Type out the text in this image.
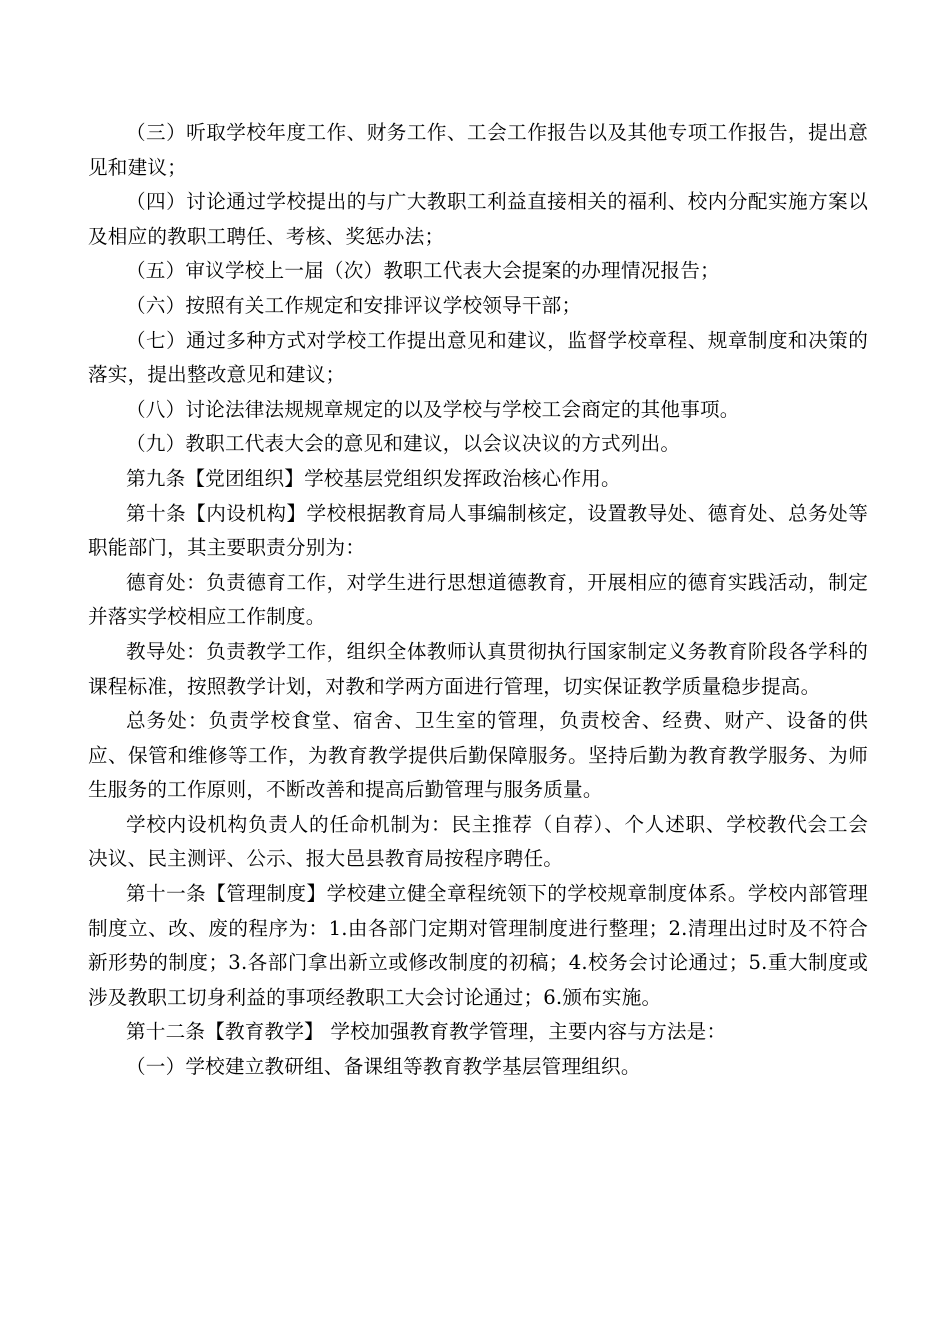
（三）听取学校年度工作、财务工作、工会工作报告以及其他专项工作报告，提出意见和建议；

（四）讨论通过学校提出的与广大教职工利益直接相关的福利、校内分配实施方案以及相应的教职工聘任、考核、奖惩办法；

（五）审议学校上一届（次）教职工代表大会提案的办理情况报告；

（六）按照有关工作规定和安排评议学校领导干部；

（七）通过多种方式对学校工作提出意见和建议，监督学校章程、规章制度和决策的落实，提出整改意见和建议；

（八）讨论法律法规规章规定的以及学校与学校工会商定的其他事项。

（九）教职工代表大会的意见和建议，以会议决议的方式列出。

第九条【党团组织】学校基层党组织发挥政治核心作用。

第十条【内设机构】学校根据教育局人事编制核定，设置教导处、德育处、总务处等职能部门，其主要职责分别为：

德育处：负责德育工作，对学生进行思想道德教育，开展相应的德育实践活动，制定并落实学校相应工作制度。

教导处：负责教学工作，组织全体教师认真贯彻执行国家制定义务教育阶段各学科的课程标准，按照教学计划，对教和学两方面进行管理，切实保证教学质量稳步提高。

总务处：负责学校食堂、宿舍、卫生室的管理，负责校舍、经费、财产、设备的供应、保管和维修等工作，为教育教学提供后勤保障服务。坚持后勤为教育教学服务、为师生服务的工作原则，不断改善和提高后勤管理与服务质量。

学校内设机构负责人的任命机制为：民主推荐（自荐）、个人述职、学校教代会工会决议、民主测评、公示、报大邑县教育局按程序聘任。

第十一条【管理制度】学校建立健全章程统领下的学校规章制度体系。学校内部管理制度立、改、废的程序为：1.由各部门定期对管理制度进行整理；2.清理出过时及不符合新形势的制度；3.各部门拿出新立或修改制度的初稿；4.校务会讨论通过；5.重大制度或涉及教职工切身利益的事项经教职工大会讨论通过；6.颁布实施。

第十二条【教育教学】 学校加强教育教学管理，主要内容与方法是：

（一）学校建立教研组、备课组等教育教学基层管理组织。
